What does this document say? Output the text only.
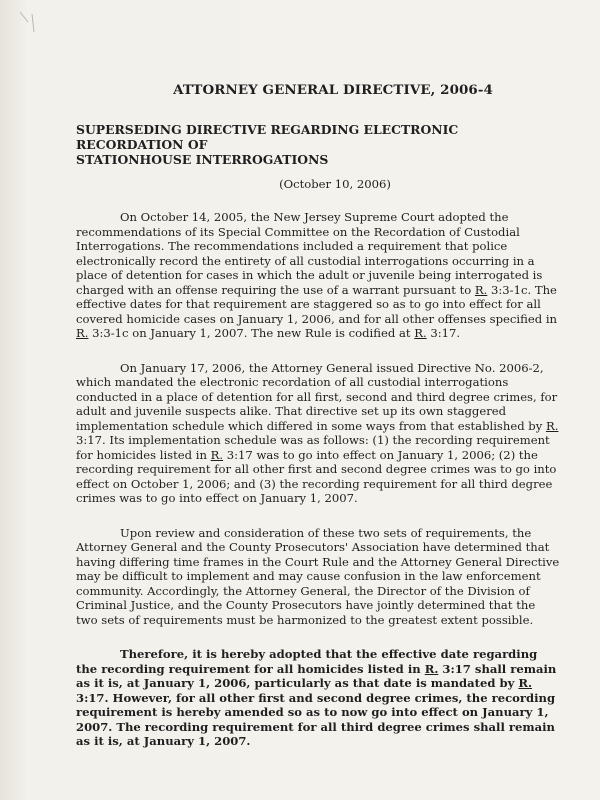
ATTORNEY GENERAL DIRECTIVE, 2006-4
SUPERSEDING DIRECTIVE REGARDING ELECTRONIC RECORDATION OF
STATIONHOUSE INTERROGATIONS
(October 10, 2006)

On October 14, 2005, the New Jersey Supreme Court adopted the recommendations of its Special Committee on the Recordation of Custodial Interrogations. The recommendations included a requirement that police electronically record the entirety of all custodial interrogations occurring in a place of detention for cases in which the adult or juvenile being interrogated is charged with an offense requiring the use of a warrant pursuant to R. 3:3-1c. The effective dates for that requirement are staggered so as to go into effect for all covered homicide cases on January 1, 2006, and for all other offenses specified in R. 3:3-1c on January 1, 2007. The new Rule is codified at R. 3:17.

On January 17, 2006, the Attorney General issued Directive No. 2006-2, which mandated the electronic recordation of all custodial interrogations conducted in a place of detention for all first, second and third degree crimes, for adult and juvenile suspects alike. That directive set up its own staggered implementation schedule which differed in some ways from that established by R. 3:17. Its implementation schedule was as follows: (1) the recording requirement for homicides listed in R. 3:17 was to go into effect on January 1, 2006; (2) the recording requirement for all other first and second degree crimes was to go into effect on October 1, 2006; and (3) the recording requirement for all third degree crimes was to go into effect on January 1, 2007.

Upon review and consideration of these two sets of requirements, the Attorney General and the County Prosecutors' Association have determined that having differing time frames in the Court Rule and the Attorney General Directive may be difficult to implement and may cause confusion in the law enforcement community. Accordingly, the Attorney General, the Director of the Division of Criminal Justice, and the County Prosecutors have jointly determined that the two sets of requirements must be harmonized to the greatest extent possible.

Therefore, it is hereby adopted that the effective date regarding the recording requirement for all homicides listed in R. 3:17 shall remain as it is, at January 1, 2006, particularly as that date is mandated by R. 3:17. However, for all other first and second degree crimes, the recording requirement is hereby amended so as to now go into effect on January 1, 2007. The recording requirement for all third degree crimes shall remain as it is, at January 1, 2007.
